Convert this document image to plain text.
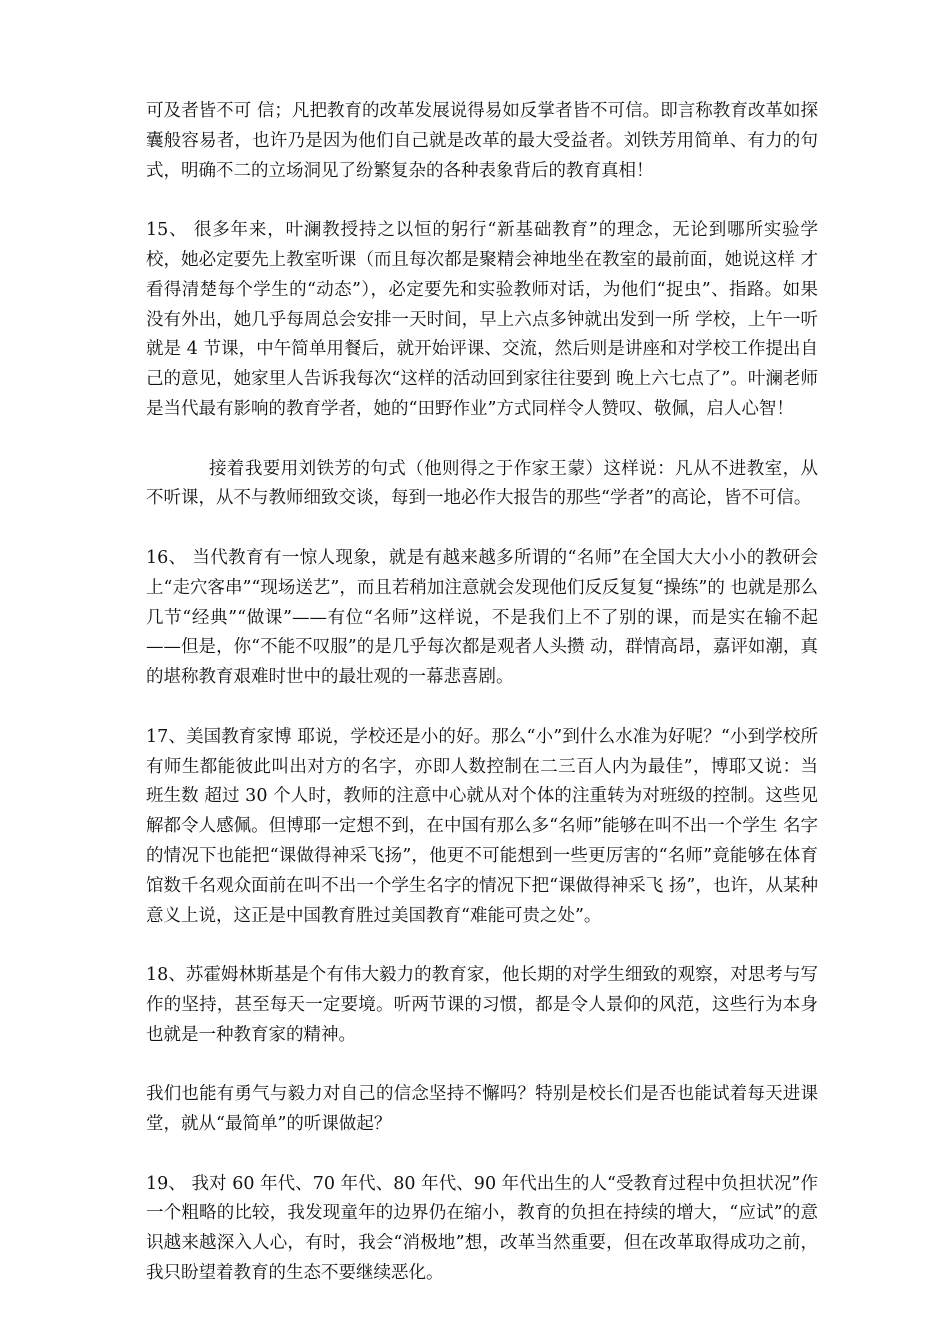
可及者皆不可 信；凡把教育的改革发展说得易如反掌者皆不可信。即言称教育改革如探囊般容易者，也许乃是因为他们自己就是改革的最大受益者。刘铁芳用简单、有力的句式，明确不二的立场洞见了纷繁复杂的各种表象背后的教育真相！

15、 很多年来，叶澜教授持之以恒的躬行“新基础教育”的理念，无论到哪所实验学校，她必定要先上教室听课（而且每次都是聚精会神地坐在教室的最前面，她说这样 才看得清楚每个学生的“动态”），必定要先和实验教师对话，为他们“捉虫”、指路。如果没有外出，她几乎每周总会安排一天时间，早上六点多钟就出发到一所 学校，上午一听就是 4 节课，中午简单用餐后，就开始评课、交流，然后则是讲座和对学校工作提出自己的意见，她家里人告诉我每次“这样的活动回到家往往要到 晚上六七点了”。叶澜老师是当代最有影响的教育学者，她的“田野作业”方式同样令人赞叹、敬佩，启人心智！

接着我要用刘铁芳的句式（他则得之于作家王蒙）这样说：凡从不进教室，从不听课，从不与教师细致交谈，每到一地必作大报告的那些“学者”的高论，皆不可信。

16、 当代教育有一惊人现象，就是有越来越多所谓的“名师”在全国大大小小的教研会上“走穴客串”“现场送艺”，而且若稍加注意就会发现他们反反复复“操练”的 也就是那么几节“经典”“做课”——有位“名师”这样说，不是我们上不了别的课，而是实在输不起——但是，你“不能不叹服”的是几乎每次都是观者人头攒 动，群情高昂，嘉评如潮，真的堪称教育艰难时世中的最壮观的一幕悲喜剧。

17、美国教育家博 耶说，学校还是小的好。那么“小”到什么水准为好呢？“小到学校所有师生都能彼此叫出对方的名字，亦即人数控制在二三百人内为最佳”，博耶又说：当班生数 超过 30 个人时，教师的注意中心就从对个体的注重转为对班级的控制。这些见解都令人感佩。但博耶一定想不到，在中国有那么多“名师”能够在叫不出一个学生 名字的情况下也能把“课做得神采飞扬”，他更不可能想到一些更厉害的“名师”竟能够在体育馆数千名观众面前在叫不出一个学生名字的情况下把“课做得神采飞 扬”，也许，从某种意义上说，这正是中国教育胜过美国教育“难能可贵之处”。

18、苏霍姆林斯基是个有伟大毅力的教育家，他长期的对学生细致的观察，对思考与写作的坚持，甚至每天一定要境。听两节课的习惯，都是令人景仰的风范，这些行为本身也就是一种教育家的精神。

我们也能有勇气与毅力对自己的信念坚持不懈吗？特别是校长们是否也能试着每天进课堂，就从“最简单”的听课做起？

19、 我对 60 年代、70 年代、80 年代、90 年代出生的人“受教育过程中负担状况”作一个粗略的比较，我发现童年的边界仍在缩小，教育的负担在持续的增大，“应试”的意识越来越深入人心，有时，我会“消极地”想，改革当然重要，但在改革取得成功之前，我只盼望着教育的生态不要继续恶化。
